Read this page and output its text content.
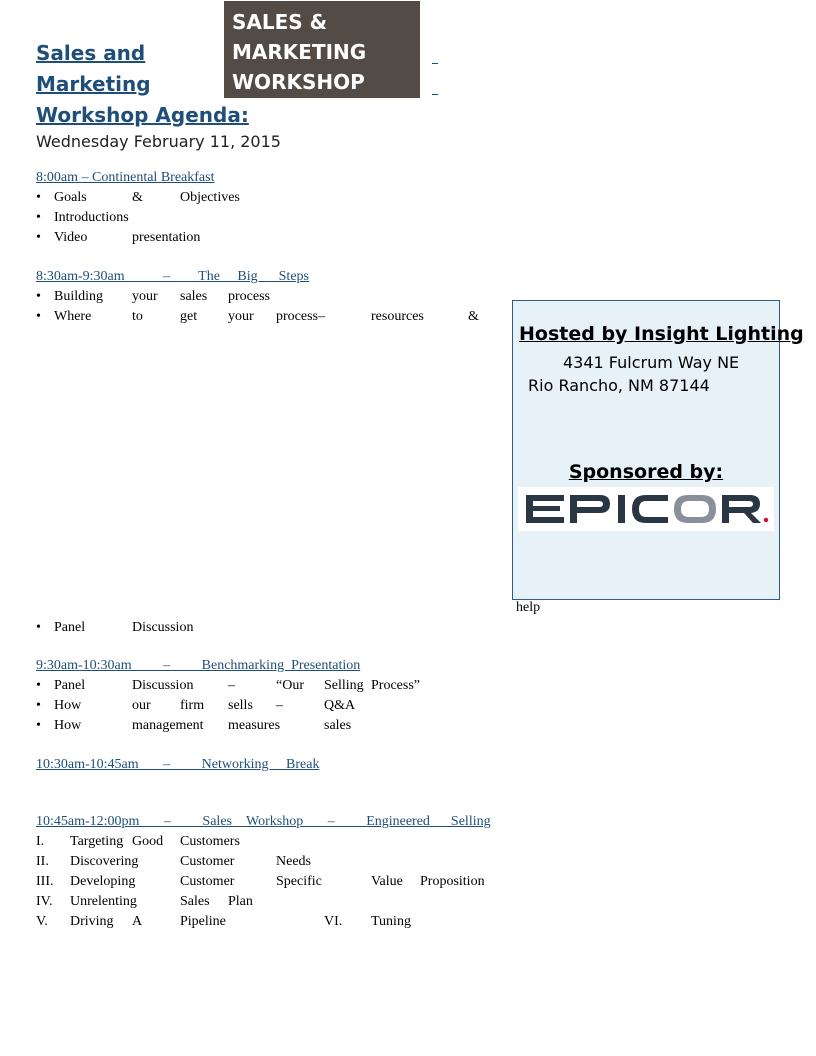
Sales and
Marketing
Workshop Agenda:
SALES &
MARKETING
WORKSHOP
Wednesday February 11, 2015
8:00am – Continental Breakfast
• Goals	&	Objectives
• Introductions
• Video	presentation
8:30am-9:30am           –        The     Big      Steps
• Building your sales process
• Where	to	get your process–	resources	&
help
• Panel	Discussion
9:30am-10:30am         –         Benchmarking  Presentation
• Panel	Discussion –	“Our Selling Process”
• How	our firm sells –	Q&A
• How	management measures	sales
10:30am-10:45am       –         Networking     Break
10:45am-12:00pm       –         Sales    Workshop       –         Engineered      Selling
I. Targeting Good Customers
II. Discovering	Customer	Needs
III. Developing	Customer	Specific	Value Proposition
IV. Unrelenting	Sales Plan
V. Driving A	Pipeline	VI. Tuning
Hosted by Insight Lighting
4341 Fulcrum Way NE
Rio Rancho, NM 87144
Sponsored by:
